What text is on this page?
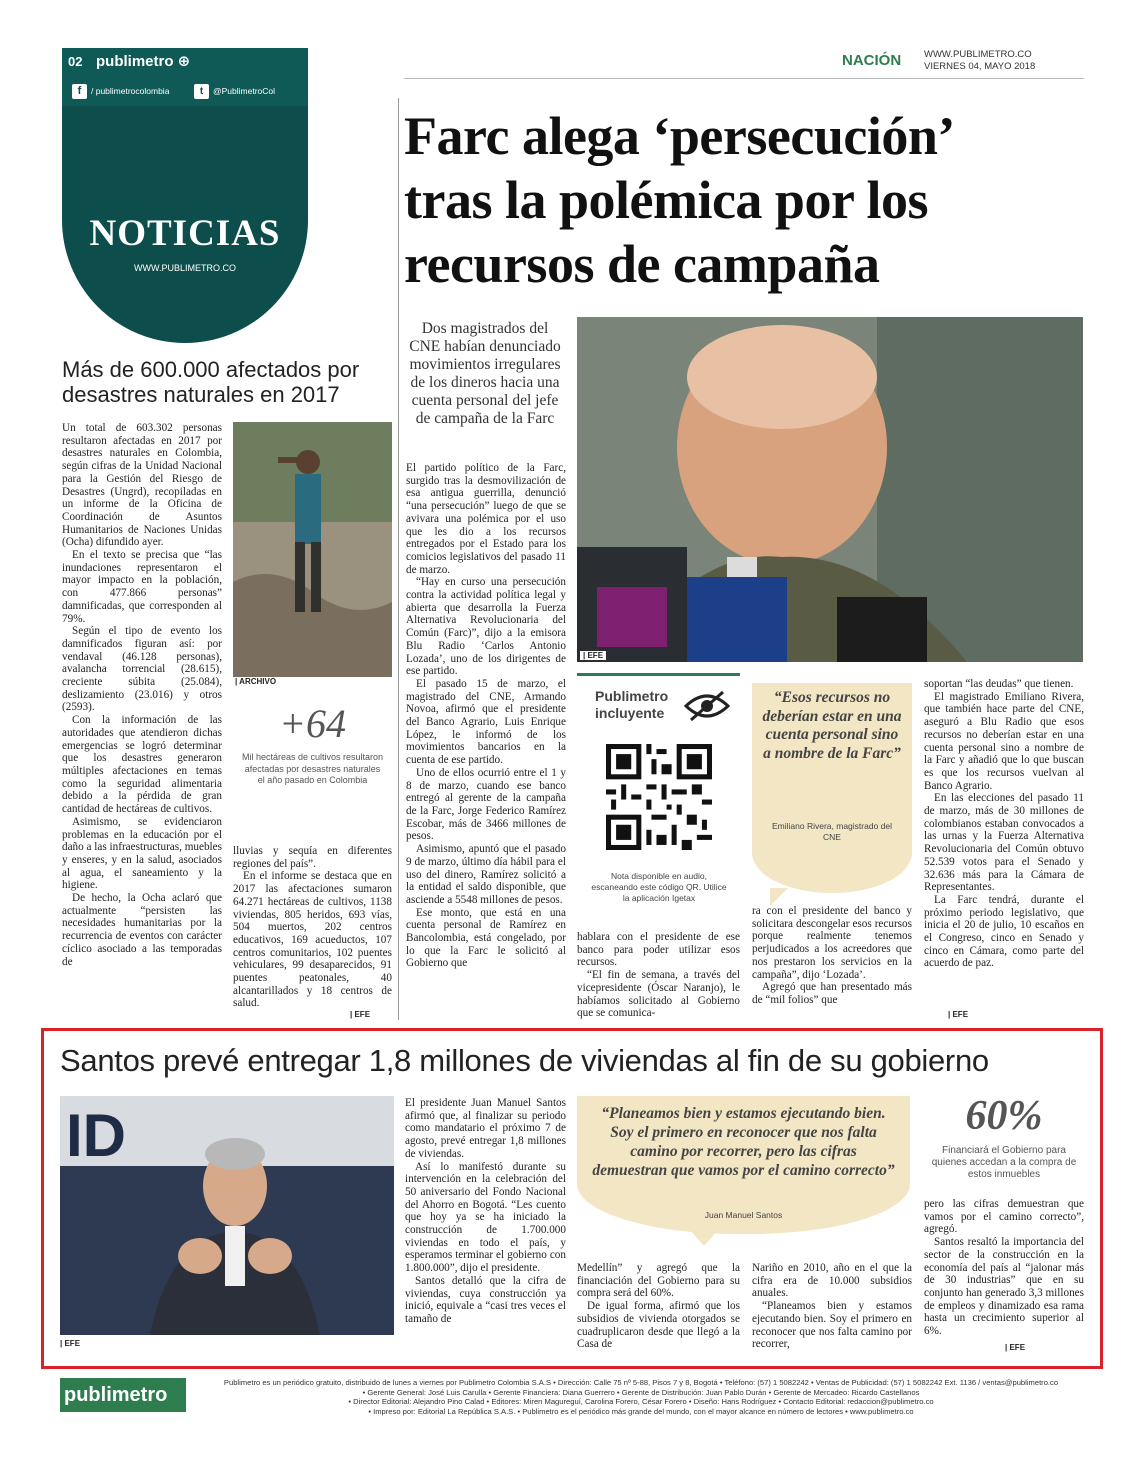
02 publimetro ⊕
f	/ publimetrocolombia	t	@PublimetroCol
NOTICIAS
WWW.PUBLIMETRO.CO
NACIÓN WWW.PUBLIMETRO.CO
VIERNES 04, MAYO 2018
Farc alega ‘persecución’
tras la polémica por los
recursos de campaña
Dos magistrados del CNE habían denunciado movimientos irregulares de los dineros hacia una cuenta personal del jefe de campaña de la Farc
| EFE

El partido político de la Farc, surgido tras la desmovilización de esa antigua guerrilla, denunció “una persecución” luego de que se avivara una polémica por el uso que les dio a los recursos entregados por el Estado para los comicios legislativos del pasado 11 de marzo.

“Hay en curso una persecución contra la actividad política legal y abierta que desarrolla la Fuerza Alternativa Revolucionaria del Común (Farc)”, dijo a la emisora Blu Radio ‘Carlos Antonio Lozada’, uno de los dirigentes de ese partido.

El pasado 15 de marzo, el magistrado del CNE, Armando Novoa, afirmó que el presidente del Banco Agrario, Luis Enrique López, le informó de los movimientos bancarios en la cuenta de ese partido.

Uno de ellos ocurrió entre el 1 y 8 de marzo, cuando ese banco entregó al gerente de la campaña de la Farc, Jorge Federico Ramírez Escobar, más de 3466 millones de pesos.

Asimismo, apuntó que el pasado 9 de marzo, último día hábil para el uso del dinero, Ramírez solicitó a la entidad el saldo disponible, que asciende a 5548 millones de pesos.

Ese monto, que está en una cuenta personal de Ramírez en Bancolombia, está congelado, por lo que la Farc le solicitó al Gobierno que

Publimetro
incluyente
Nota disponible en audio, escaneando este código QR. Utilice la aplicación Igetax
“Esos recursos no deberían estar en una cuenta personal sino a nombre de la Farc”
Emiliano Rivera, magistrado del CNE

hablara con el presidente de ese banco para poder utilizar esos recursos.

“El fin de semana, a través del vicepresidente (Óscar Naranjo), le habíamos solicitado al Gobierno que se comunica-

ra con el presidente del banco y solicitara descongelar esos recursos porque realmente tenemos perjudicados a los acreedores que nos prestaron los servicios en la campaña”, dijo ‘Lozada’.

Agregó que han presentado más de “mil folios” que

soportan “las deudas” que tienen.

El magistrado Emiliano Rivera, que también hace parte del CNE, aseguró a Blu Radio que esos recursos no deberían estar en una cuenta personal sino a nombre de la Farc y añadió que lo que buscan es que los recursos vuelvan al Banco Agrario.

En las elecciones del pasado 11 de marzo, más de 30 millones de colombianos estaban convocados a las urnas y la Fuerza Alternativa Revolucionaria del Común obtuvo 52.539 votos para el Senado y 32.636 más para la Cámara de Representantes.

La Farc tendrá, durante el próximo periodo legislativo, que inicia el 20 de julio, 10 escaños en el Congreso, cinco en Senado y cinco en Cámara, como parte del acuerdo de paz.

| EFE
Más de 600.000 afectados por desastres naturales en 2017

Un total de 603.302 personas resultaron afectadas en 2017 por desastres naturales en Colombia, según cifras de la Unidad Nacional para la Gestión del Riesgo de Desastres (Ungrd), recopiladas en un informe de la Oficina de Coordinación de Asuntos Humanitarios de Naciones Unidas (Ocha) difundido ayer.

En el texto se precisa que “las inundaciones representaron el mayor impacto en la población, con 477.866 personas” damnificadas, que corresponden al 79%.

Según el tipo de evento los damnificados figuran así: por vendaval (46.128 personas), avalancha torrencial (28.615), creciente súbita (25.084), deslizamiento (23.016) y otros (2593).

Con la información de las autoridades que atendieron dichas emergencias se logró determinar que los desastres generaron múltiples afectaciones en temas como la seguridad alimentaria debido a la pérdida de gran cantidad de hectáreas de cultivos.

Asimismo, se evidenciaron problemas en la educación por el daño a las infraestructuras, muebles y enseres, y en la salud, asociados al agua, el saneamiento y la higiene.

De hecho, la Ocha aclaró que actualmente “persisten las necesidades humanitarias por la recurrencia de eventos con carácter cíclico asociado a las temporadas de

| ARCHIVO
+64
Mil hectáreas de cultivos resultaron afectadas por desastres naturales el año pasado en Colombia

lluvias y sequía en diferentes regiones del país”.

En el informe se destaca que en 2017 las afectaciones sumaron 64.271 hectáreas de cultivos, 1138 viviendas, 805 heridos, 693 vías, 504 muertos, 202 centros educativos, 169 acueductos, 107 centros comunitarios, 102 puentes vehiculares, 99 desaparecidos, 91 puentes peatonales, 40 alcantarillados y 18 centros de salud.

| EFE
Santos prevé entregar 1,8 millones de viviendas al fin de su gobierno
ID
| EFE

El presidente Juan Manuel Santos afirmó que, al finalizar su periodo como mandatario el próximo 7 de agosto, prevé entregar 1,8 millones de viviendas.

Así lo manifestó durante su intervención en la celebración del 50 aniversario del Fondo Nacional del Ahorro en Bogotá. “Les cuento que hoy ya se ha iniciado la construcción de 1.700.000 viviendas en todo el país, y esperamos terminar el gobierno con 1.800.000”, dijo el presidente.

Santos detalló que la cifra de viviendas, cuya construcción ya inició, equivale a “casi tres veces el tamaño de

“Planeamos bien y estamos ejecutando bien. Soy el primero en reconocer que nos falta camino por recorrer, pero las cifras demuestran que vamos por el camino correcto”
Juan Manuel Santos

Medellín” y agregó que la financiación del Gobierno para su compra será del 60%.

De igual forma, afirmó que los subsidios de vivienda otorgados se cuadruplicaron desde que llegó a la Casa de

Nariño en 2010, año en el que la cifra era de 10.000 subsidios anuales.

“Planeamos bien y estamos ejecutando bien. Soy el primero en reconocer que nos falta camino por recorrer,

60%
Financiará el Gobierno para quienes accedan a la compra de estos inmuebles

pero las cifras demuestran que vamos por el camino correcto”, agregó.

Santos resaltó la importancia del sector de la construcción en la economía del país al “jalonar más de 30 industrias” que en su conjunto han generado 3,3 millones de empleos y dinamizado esa rama hasta un crecimiento superior al 6%.

| EFE
publimetro ⊕
Publimetro es un periódico gratuito, distribuido de lunes a viernes por Publimetro Colombia S.A.S • Dirección: Calle 75 nº 5-88, Pisos 7 y 8, Bogotá • Teléfono: (57) 1 5082242 • Ventas de Publicidad: (57) 1 5082242 Ext. 1136 / ventas@publimetro.co
• Gerente General: José Luis Carulla • Gerente Financiera: Diana Guerrero • Gerente de Distribución: Juan Pablo Durán • Gerente de Mercadeo: Ricardo Castellanos
• Director Editorial: Alejandro Pino Calad • Editores: Miren Magureguí, Carolina Forero, César Forero • Diseño: Hans Rodríguez • Contacto Editorial: redaccion@publimetro.co
• Impreso por: Editorial La República S.A.S. • Publimetro es el periódico más grande del mundo, con el mayor alcance en número de lectores • www.publimetro.co
